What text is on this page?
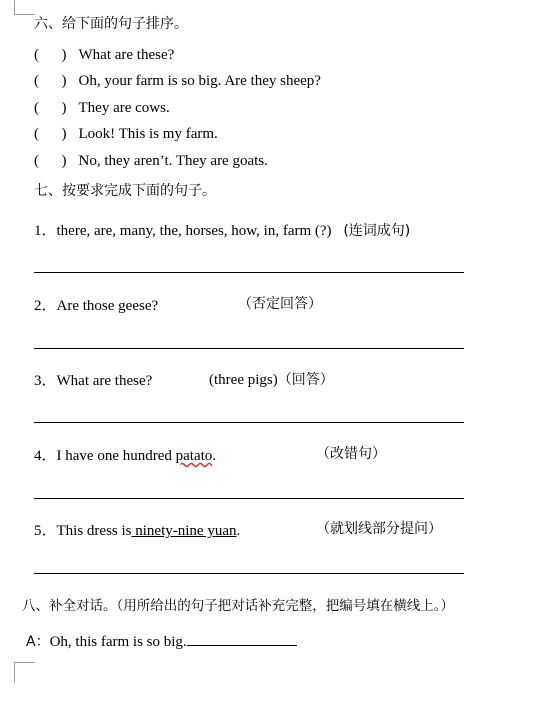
六、给下面的句子排序。
(      ) What are these?
(      ) Oh, your farm is so big. Are they sheep?
(      ) They are cows.
(      ) Look! This is my farm.
(      ) No, they aren’t. They are goats.
七、按要求完成下面的句子。
1．there, are, many, the, horses, how, in, farm (?) (连词成句)
2．Are those geese?	（否定回答）
3．What are these?	(three pigs)（回答）
4．I have one hundred patato.	（改错句）
5．This dress is ninety-nine yuan.	（就划线部分提问）
八、补全对话。（用所给出的句子把对话补充完整，把编号填在横线上。）
A：Oh, this farm is so big.
